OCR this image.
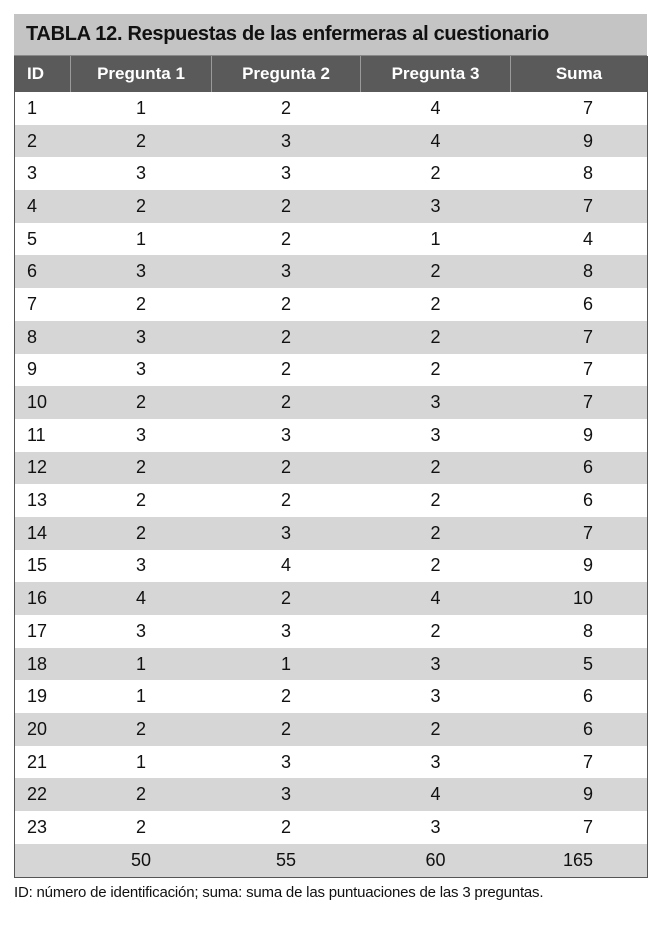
TABLA 12. Respuestas de las enfermeras al cuestionario
ID	Pregunta 1	Pregunta 2	Pregunta 3	Suma
1	1	2	4	7
2	2	3	4	9
3	3	3	2	8
4	2	2	3	7
5	1	2	1	4
6	3	3	2	8
7	2	2	2	6
8	3	2	2	7
9	3	2	2	7
10	2	2	3	7
11	3	3	3	9
12	2	2	2	6
13	2	2	2	6
14	2	3	2	7
15	3	4	2	9
16	4	2	4	10
17	3	3	2	8
18	1	1	3	5
19	1	2	3	6
20	2	2	2	6
21	1	3	3	7
22	2	3	4	9
23	2	2	3	7
	50	55	60	165
ID: número de identificación; suma: suma de las puntuaciones de las 3 preguntas.
